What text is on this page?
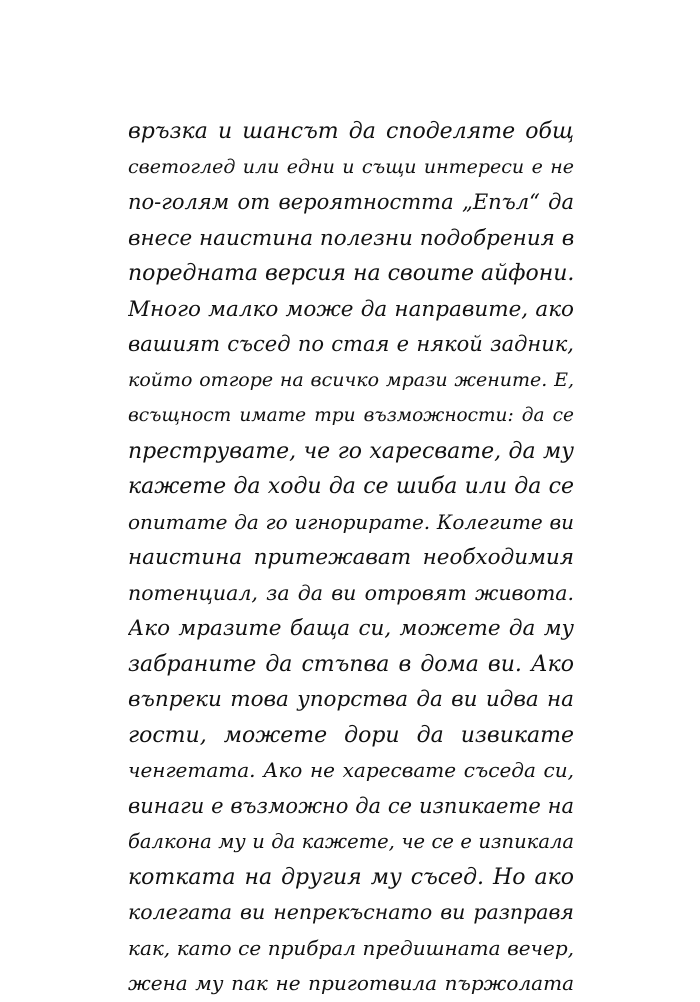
връзка и шансът да споделяте общ
светоглед или едни и същи интереси е не
по-голям от вероятността „Епъл“ да
внесе наистина полезни подобрения в
поредната версия на своите айфони.
Много малко може да направите, ако
вашият съсед по стая е някой задник,
който отгоре на всичко мрази жените. Е,
всъщност имате три възможности: да се
преструвате, че го харесвате, да му
кажете да ходи да се шиба или да се
опитате да го игнорирате. Колегите ви
наистина притежават необходимия
потенциал, за да ви отровят живота.
Ако мразите баща си, можете да му
забраните да стъпва в дома ви. Ако
въпреки това упорства да ви идва на
гости, можете дори да извикате
ченгетата. Ако не харесвате съседа си,
винаги е възможно да се изпикаете на
балкона му и да кажете, че се е изпикала
котката на другия му съсед. Но ако
колегата ви непрекъснато ви разправя
как, като се прибрал предишната вечер,
жена му пак не приготвила пържолата
